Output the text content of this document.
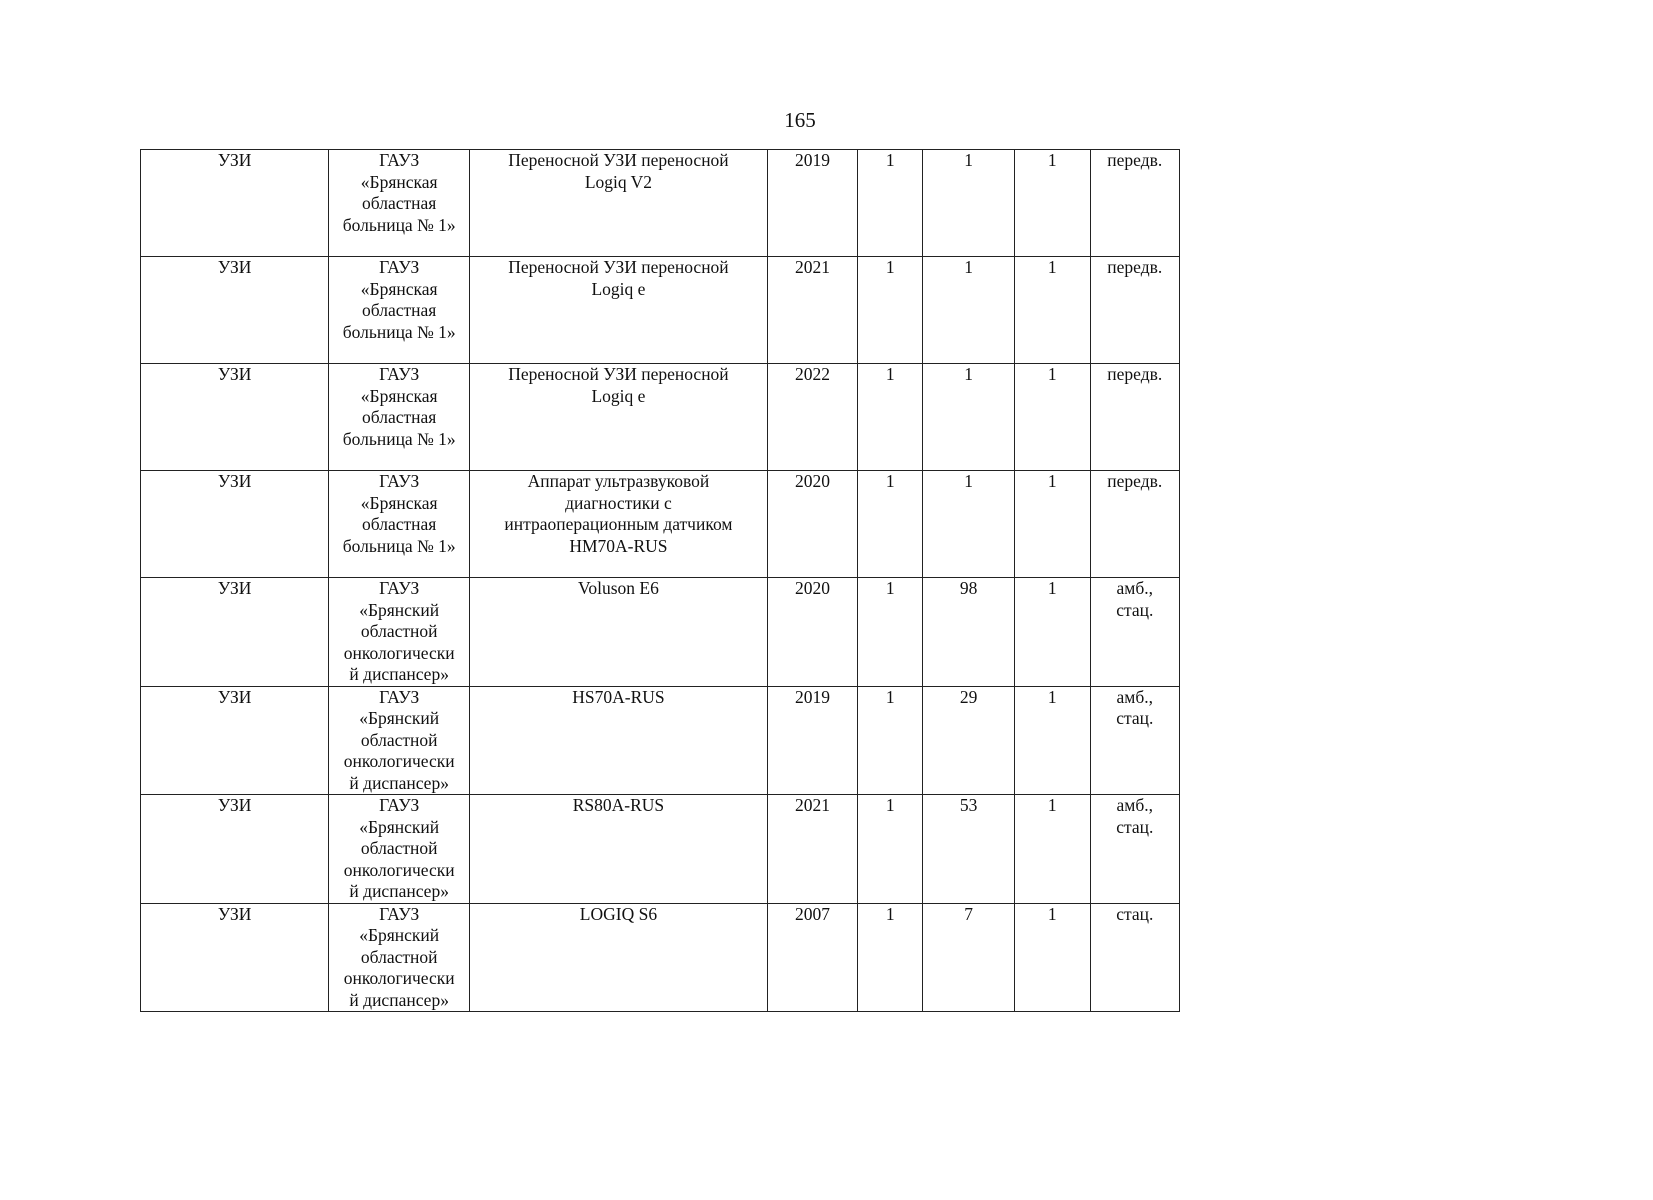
165
УЗИ	ГАУЗ
«Брянская
областная
больница № 1»	Переносной УЗИ переносной
Logiq V2	2019	1	1	1	передв.

УЗИ	ГАУЗ
«Брянская
областная
больница № 1»	Переносной УЗИ переносной
Logiq e	2021	1	1	1	передв.

УЗИ	ГАУЗ
«Брянская
областная
больница № 1»	Переносной УЗИ переносной
Logiq e	2022	1	1	1	передв.

УЗИ	ГАУЗ
«Брянская
областная
больница № 1»	Аппарат ультразвуковой
диагностики с
интраоперационным датчиком
HM70A-RUS	2020	1	1	1	передв.

УЗИ	ГАУЗ
«Брянский
областной
онкологически
й диспансер»	Voluson E6	2020	1	98	1	амб.,
стац.

УЗИ	ГАУЗ
«Брянский
областной
онкологически
й диспансер»	HS70A-RUS	2019	1	29	1	амб.,
стац.

УЗИ	ГАУЗ
«Брянский
областной
онкологически
й диспансер»	RS80A-RUS	2021	1	53	1	амб.,
стац.

УЗИ	ГАУЗ
«Брянский
областной
онкологически
й диспансер»	LOGIQ S6	2007	1	7	1	стац.
